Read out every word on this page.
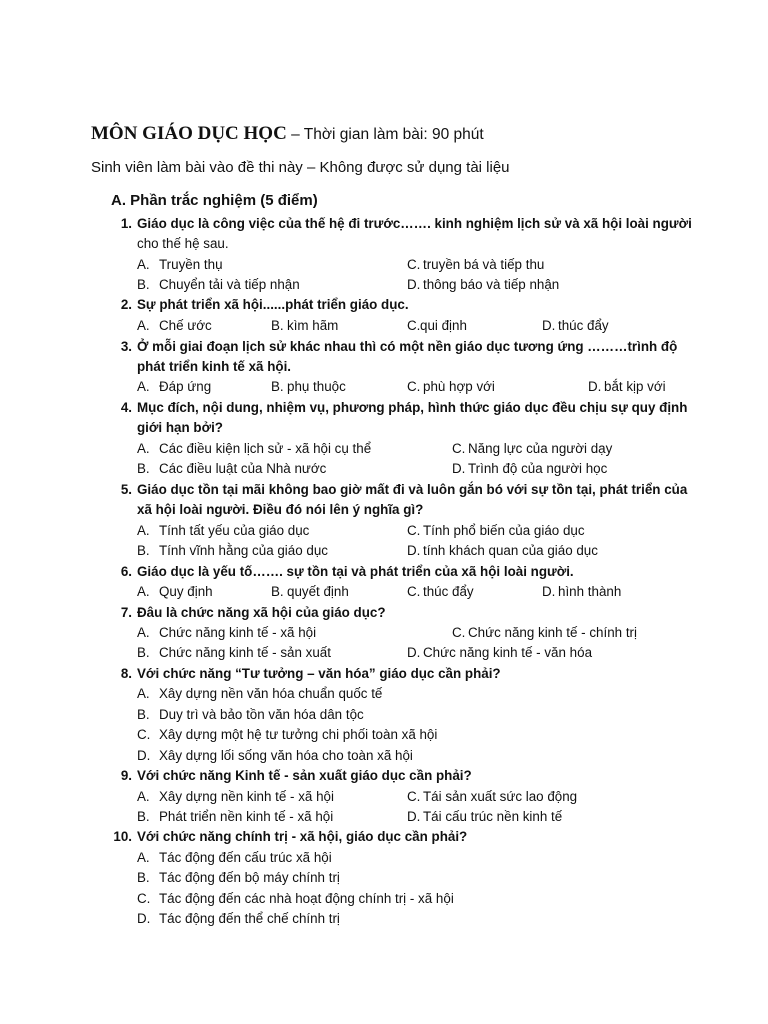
MÔN GIÁO DỤC HỌC – Thời gian làm bài: 90 phút
Sinh viên làm bài vào đề thi này – Không được sử dụng tài liệu
A. Phần trắc nghiệm (5 điểm)
1. Giáo dục là công việc của thế hệ đi trước……. kinh nghiệm lịch sử và xã hội loài người
cho thế hệ sau.
A. Truyền thụ	C. truyền bá và tiếp thu
B. Chuyển tải và tiếp nhận	D. thông báo và tiếp nhận
2. Sự phát triển xã hội......phát triển giáo dục.
A. Chế ước	B. kìm hãm	C.qui định	D. thúc đẩy
3. Ở mỗi giai đoạn lịch sử khác nhau thì có một nền giáo dục tương ứng ………trình độ
phát triển kinh tế xã hội.
A. Đáp ứng	B. phụ thuộc	C. phù hợp với	D. bắt kịp với
4. Mục đích, nội dung, nhiệm vụ, phương pháp, hình thức giáo dục đều chịu sự quy định
giới hạn bởi?
A. Các điều kiện lịch sử - xã hội cụ thể	C. Năng lực của người dạy
B. Các điều luật của Nhà nước	D. Trình độ của người học
5. Giáo dục tồn tại mãi không bao giờ mất đi và luôn gắn bó với sự tồn tại, phát triển của
xã hội loài người. Điều đó nói lên ý nghĩa gì?
A. Tính tất yếu của giáo dục	C. Tính phổ biến của giáo dục
B. Tính vĩnh hằng của giáo dục	D. tính khách quan của giáo dục
6. Giáo dục là yếu tố……. sự tồn tại và phát triển của xã hội loài người.
A. Quy định	B. quyết định	C. thúc đẩy	D. hình thành
7. Đâu là chức năng xã hội của giáo dục?
A. Chức năng kinh tế - xã hội	C. Chức năng kinh tế - chính trị
B. Chức năng kinh tế - sản xuất	D. Chức năng kinh tế - văn hóa
8. Với chức năng “Tư tưởng – văn hóa” giáo dục cần phải?
A. Xây dựng nền văn hóa chuẩn quốc tế
B. Duy trì và bảo tồn văn hóa dân tộc
C. Xây dựng một hệ tư tưởng chi phối toàn xã hội
D. Xây dựng lối sống văn hóa cho toàn xã hội
9. Với chức năng Kinh tế - sản xuất giáo dục cần phải?
A. Xây dựng nền kinh tế - xã hội	C. Tái sản xuất sức lao động
B. Phát triển nền kinh tế - xã hội	D. Tái cấu trúc nền kinh tế
10. Với chức năng chính trị - xã hội, giáo dục cần phải?
A. Tác động đến cấu trúc xã hội
B. Tác động đến bộ máy chính trị
C. Tác động đến các nhà hoạt động chính trị - xã hội
D. Tác động đến thể chế chính trị
